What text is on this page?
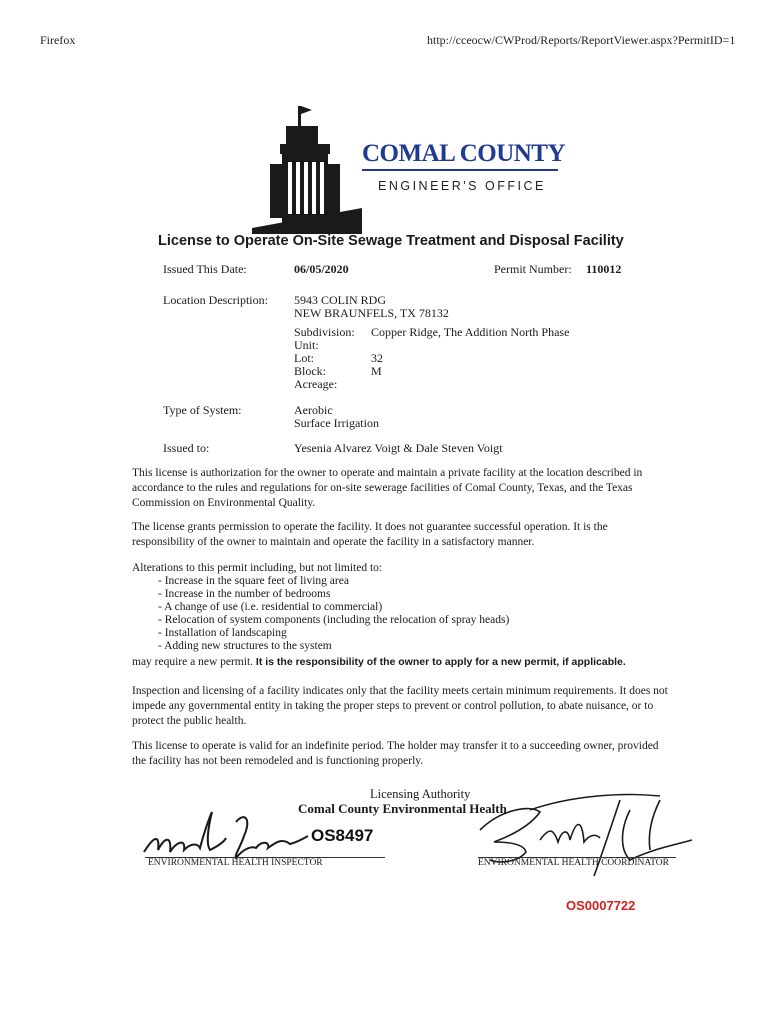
Firefox	http://cceocw/CWProd/Reports/ReportViewer.aspx?PermitID=1
COMAL COUNTY
ENGINEER'S OFFICE
License to Operate On-Site Sewage Treatment and Disposal Facility
Issued This Date:	06/05/2020	Permit Number: 110012
Location Description: 5943 COLIN RDG
NEW BRAUNFELS, TX 78132
Subdivision: Copper Ridge, The Addition North Phase
Unit:
Lot:	32
Block:	M
Acreage:
Type of System:	Aerobic
Surface Irrigation
Issued to:	Yesenia Alvarez Voigt & Dale Steven Voigt
This license is authorization for the owner to operate and maintain a private facility at the location described in accordance to the rules and regulations for on-site sewerage facilities of Comal County, Texas, and the Texas Commission on Environmental Quality.
The license grants permission to operate the facility. It does not guarantee successful operation. It is the responsibility of the owner to maintain and operate the facility in a satisfactory manner.
Alterations to this permit including, but not limited to:
- Increase in the square feet of living area
- Increase in the number of bedrooms
- A change of use (i.e. residential to commercial)
- Relocation of system components (including the relocation of spray heads)
- Installation of landscaping
- Adding new structures to the system
may require a new permit. It is the responsibility of the owner to apply for a new permit, if applicable.
Inspection and licensing of a facility indicates only that the facility meets certain minimum requirements. It does not impede any governmental entity in taking the proper steps to prevent or control pollution, to abate nuisance, or to protect the public health.
This license to operate is valid for an indefinite period. The holder may transfer it to a succeeding owner, provided the facility has not been remodeled and is functioning properly.
Licensing Authority
Comal County Environmental Health
OS8497
ENVIRONMENTAL HEALTH INSPECTOR	ENVIRONMENTAL HEALTH COORDINATOR
OS0007722
